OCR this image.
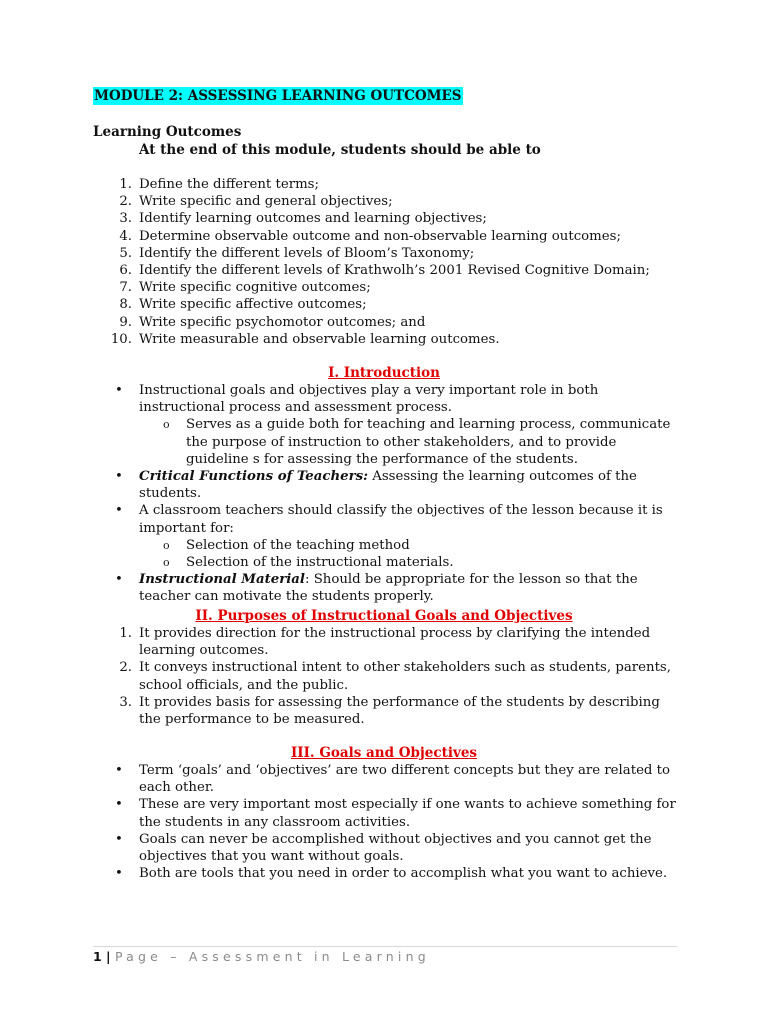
MODULE 2: ASSESSING LEARNING OUTCOMES
Learning Outcomes
At the end of this module, students should be able to
1. Define the different terms;
2. Write specific and general objectives;
3. Identify learning outcomes and learning objectives;
4. Determine observable outcome and non-observable learning outcomes;
5. Identify the different levels of Bloom’s Taxonomy;
6. Identify the different levels of Krathwolh’s 2001 Revised Cognitive Domain;
7. Write specific cognitive outcomes;
8. Write specific affective outcomes;
9. Write specific psychomotor outcomes; and
10. Write measurable and observable learning outcomes.
I. Introduction
• Instructional goals and objectives play a very important role in both instructional process and assessment process.
o Serves as a guide both for teaching and learning process, communicate the purpose of instruction to other stakeholders, and to provide guideline s for assessing the performance of the students.
• Critical Functions of Teachers: Assessing the learning outcomes of the students.
• A classroom teachers should classify the objectives of the lesson because it is important for:
o Selection of the teaching method
o Selection of the instructional materials.
• Instructional Material: Should be appropriate for the lesson so that the teacher can motivate the students properly.
II. Purposes of Instructional Goals and Objectives
1. It provides direction for the instructional process by clarifying the intended learning outcomes.
2. It conveys instructional intent to other stakeholders such as students, parents, school officials, and the public.
3. It provides basis for assessing the performance of the students by describing the performance to be measured.
III. Goals and Objectives
• Term ‘goals’ and ‘objectives’ are two different concepts but they are related to each other.
• These are very important most especially if one wants to achieve something for the students in any classroom activities.
• Goals can never be accomplished without objectives and you cannot get the objectives that you want without goals.
• Both are tools that you need in order to accomplish what you want to achieve.
1 | Page – Assessment in Learning
